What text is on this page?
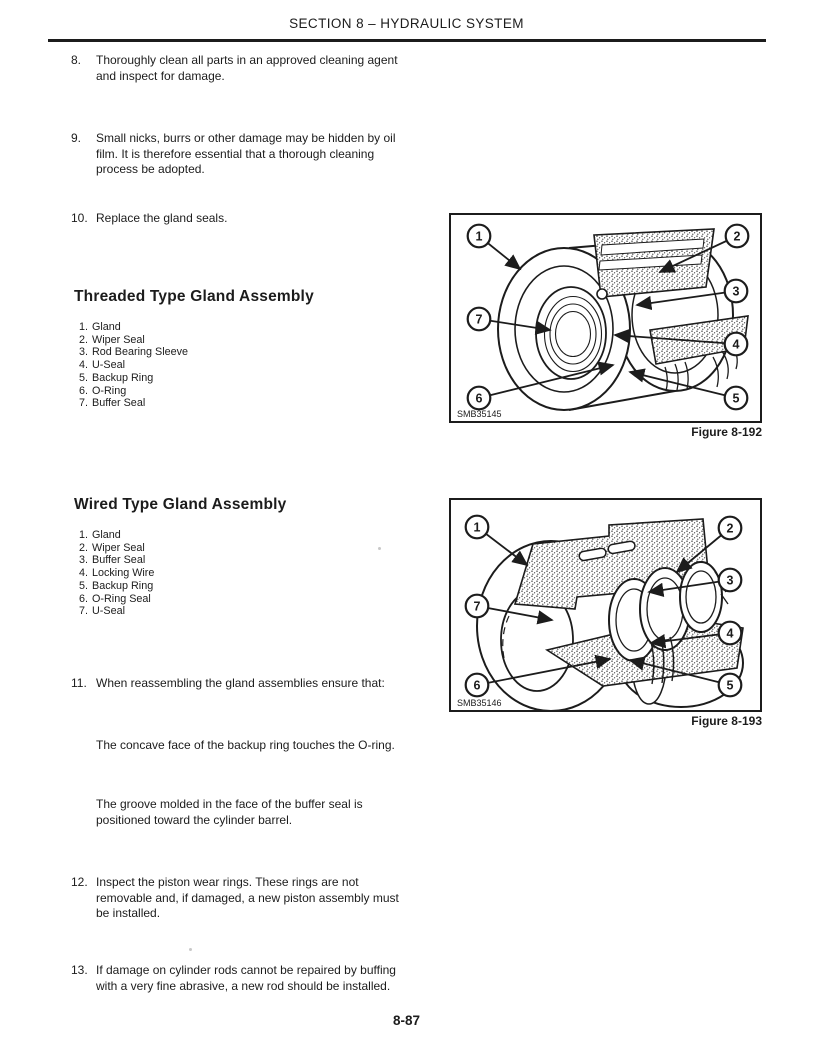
SECTION 8 – HYDRAULIC SYSTEM
8. Thoroughly clean all parts in an approved cleaning agent and inspect for damage.
9. Small nicks, burrs or other damage may be hidden by oil film. It is therefore essential that a thorough cleaning process be adopted.
10. Replace the gland seals.
Threaded Type Gland Assembly
1. Gland
2. Wiper Seal
3. Rod Bearing Sleeve
4. U-Seal
5. Backup Ring
6. O-Ring
7. Buffer Seal
1	2
3
4
5
6
7
SMB35145
Figure 8-192
Wired Type Gland Assembly
1. Gland
2. Wiper Seal
3. Buffer Seal
4. Locking Wire
5. Backup Ring
6. O-Ring Seal
7. U-Seal
1	2
3
4
5
6
7
SMB35146
Figure 8-193
11. When reassembling the gland assemblies ensure that:
The concave face of the backup ring touches the O-ring.
The groove molded in the face of the buffer seal is positioned toward the cylinder barrel.
12. Inspect the piston wear rings. These rings are not removable and, if damaged, a new piston assembly must be installed.
13. If damage on cylinder rods cannot be repaired by buffing with a very fine abrasive, a new rod should be installed.
8-87
